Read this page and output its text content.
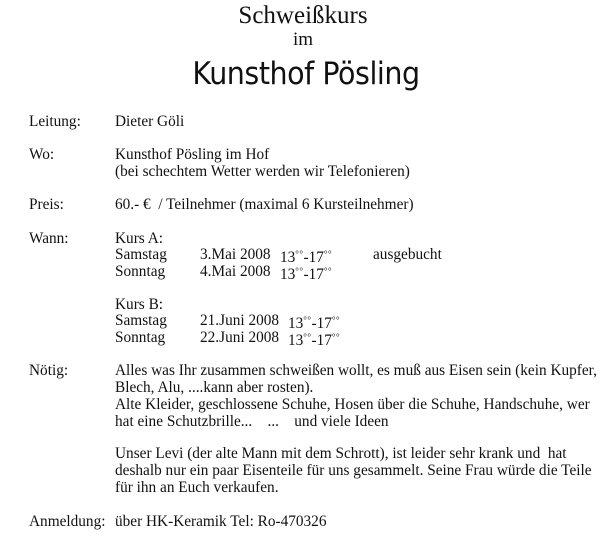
Schweißkurs
im
Kunsthof Pösling
Leitung: Dieter Göli
Wo:	Kunsthof Pösling im Hof
(bei schechtem Wetter werden wir Telefonieren)
Preis:	60.- €  / Teilnehmer (maximal 6 Kursteilnehmer)
Wann:	Kurs A:
Samstag 3.Mai 2008 13°°-17°°	ausgebucht
Sonntag 4.Mai 2008 13°°-17°°
Kurs B:
Samstag 21.Juni 2008 13°°-17°°
Sonntag 22.Juni 2008 13°°-17°°
Nötig:	Alles was Ihr zusammen schweißen wollt, es muß aus Eisen sein (kein Kupfer,
Blech, Alu, ....kann aber rosten).
Alte Kleider, geschlossene Schuhe, Hosen über die Schuhe, Handschuhe, wer
hat eine Schutzbrille...    ...    und viele Ideen
Unser Levi (der alte Mann mit dem Schrott), ist leider sehr krank und  hat
deshalb nur ein paar Eisenteile für uns gesammelt. Seine Frau würde die Teile
für ihn an Euch verkaufen.
Anmeldung: über HK-Keramik Tel: Ro-470326
